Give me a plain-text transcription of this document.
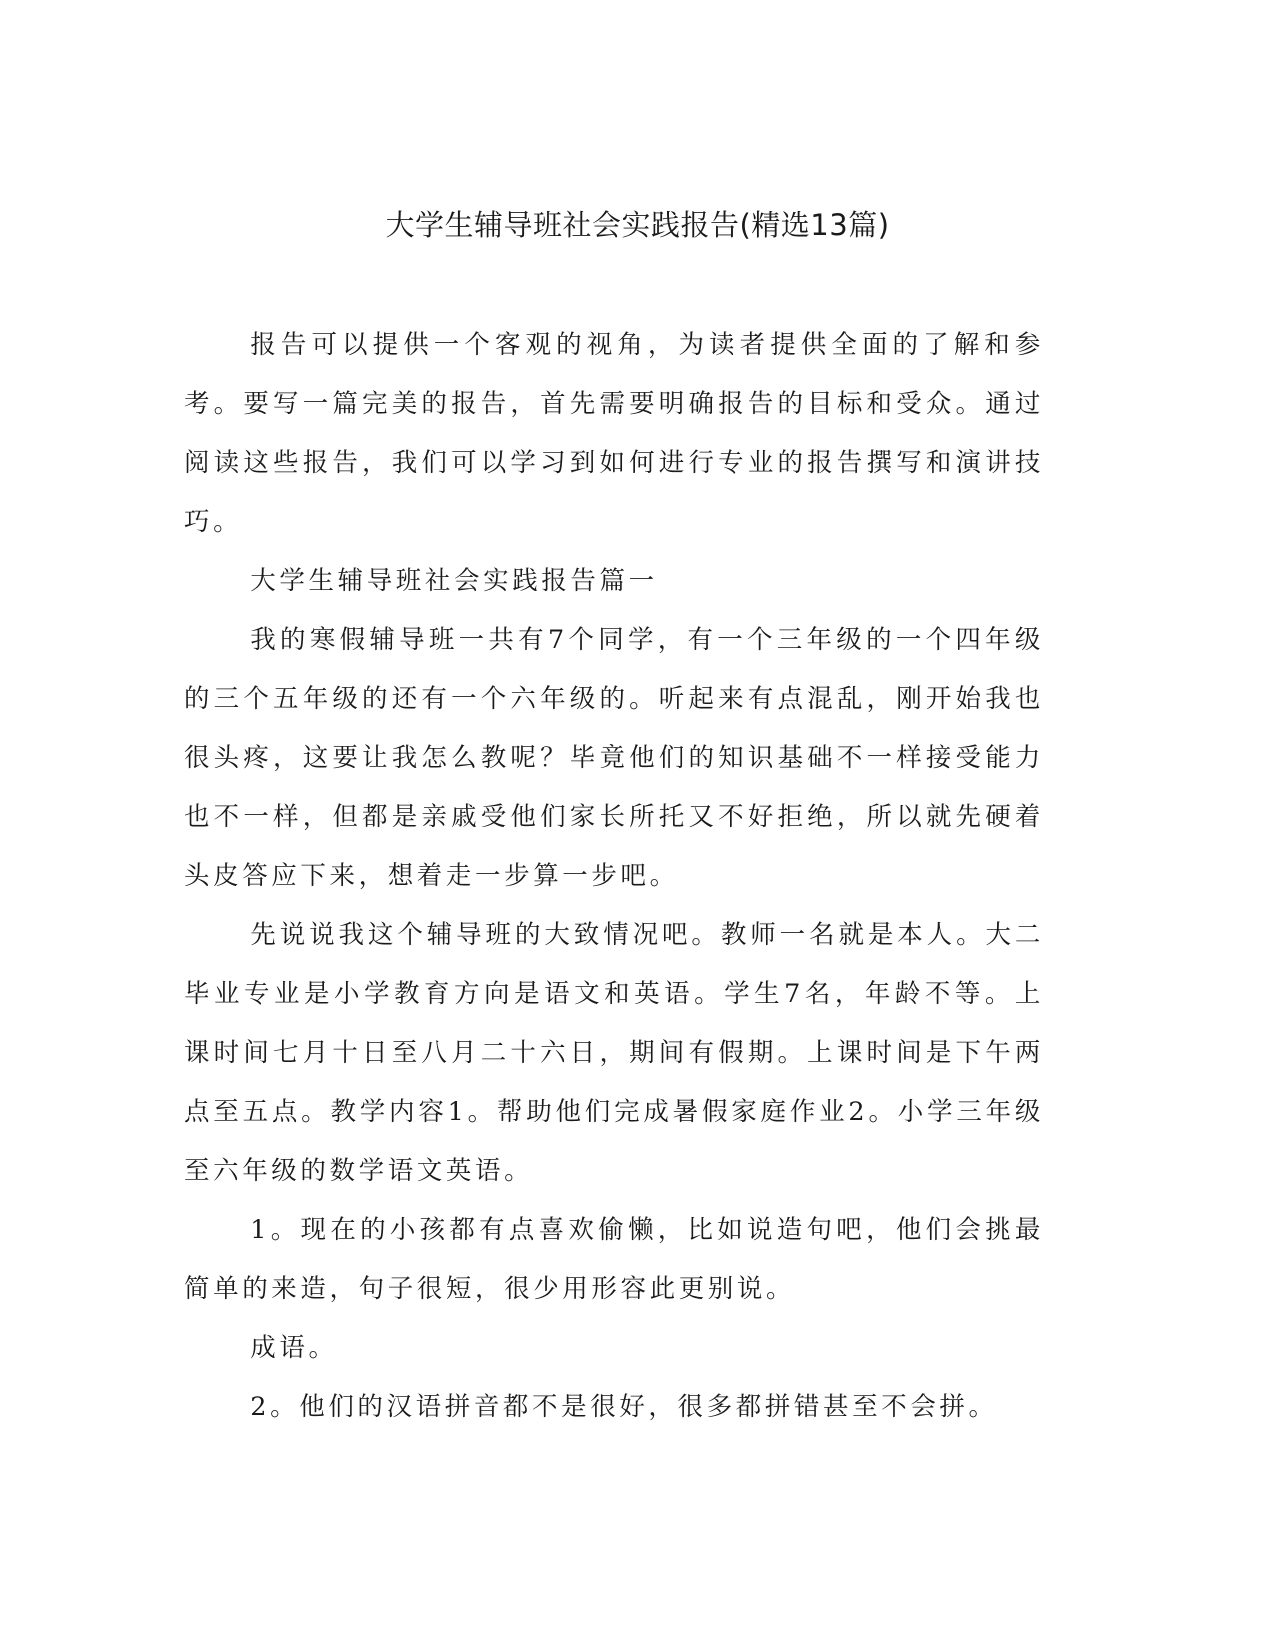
大学生辅导班社会实践报告(精选13篇)

报告可以提供一个客观的视角，为读者提供全面的了解和参考。要写一篇完美的报告，首先需要明确报告的目标和受众。通过阅读这些报告，我们可以学习到如何进行专业的报告撰写和演讲技巧。

大学生辅导班社会实践报告篇一

我的寒假辅导班一共有7个同学，有一个三年级的一个四年级的三个五年级的还有一个六年级的。听起来有点混乱，刚开始我也很头疼，这要让我怎么教呢？毕竟他们的知识基础不一样接受能力也不一样，但都是亲戚受他们家长所托又不好拒绝，所以就先硬着头皮答应下来，想着走一步算一步吧。

先说说我这个辅导班的大致情况吧。教师一名就是本人。大二毕业专业是小学教育方向是语文和英语。学生7名，年龄不等。上课时间七月十日至八月二十六日，期间有假期。上课时间是下午两点至五点。教学内容1。帮助他们完成暑假家庭作业2。小学三年级至六年级的数学语文英语。

1。现在的小孩都有点喜欢偷懒，比如说造句吧，他们会挑最简单的来造，句子很短，很少用形容此更别说。

成语。

2。他们的汉语拼音都不是很好，很多都拼错甚至不会拼。
